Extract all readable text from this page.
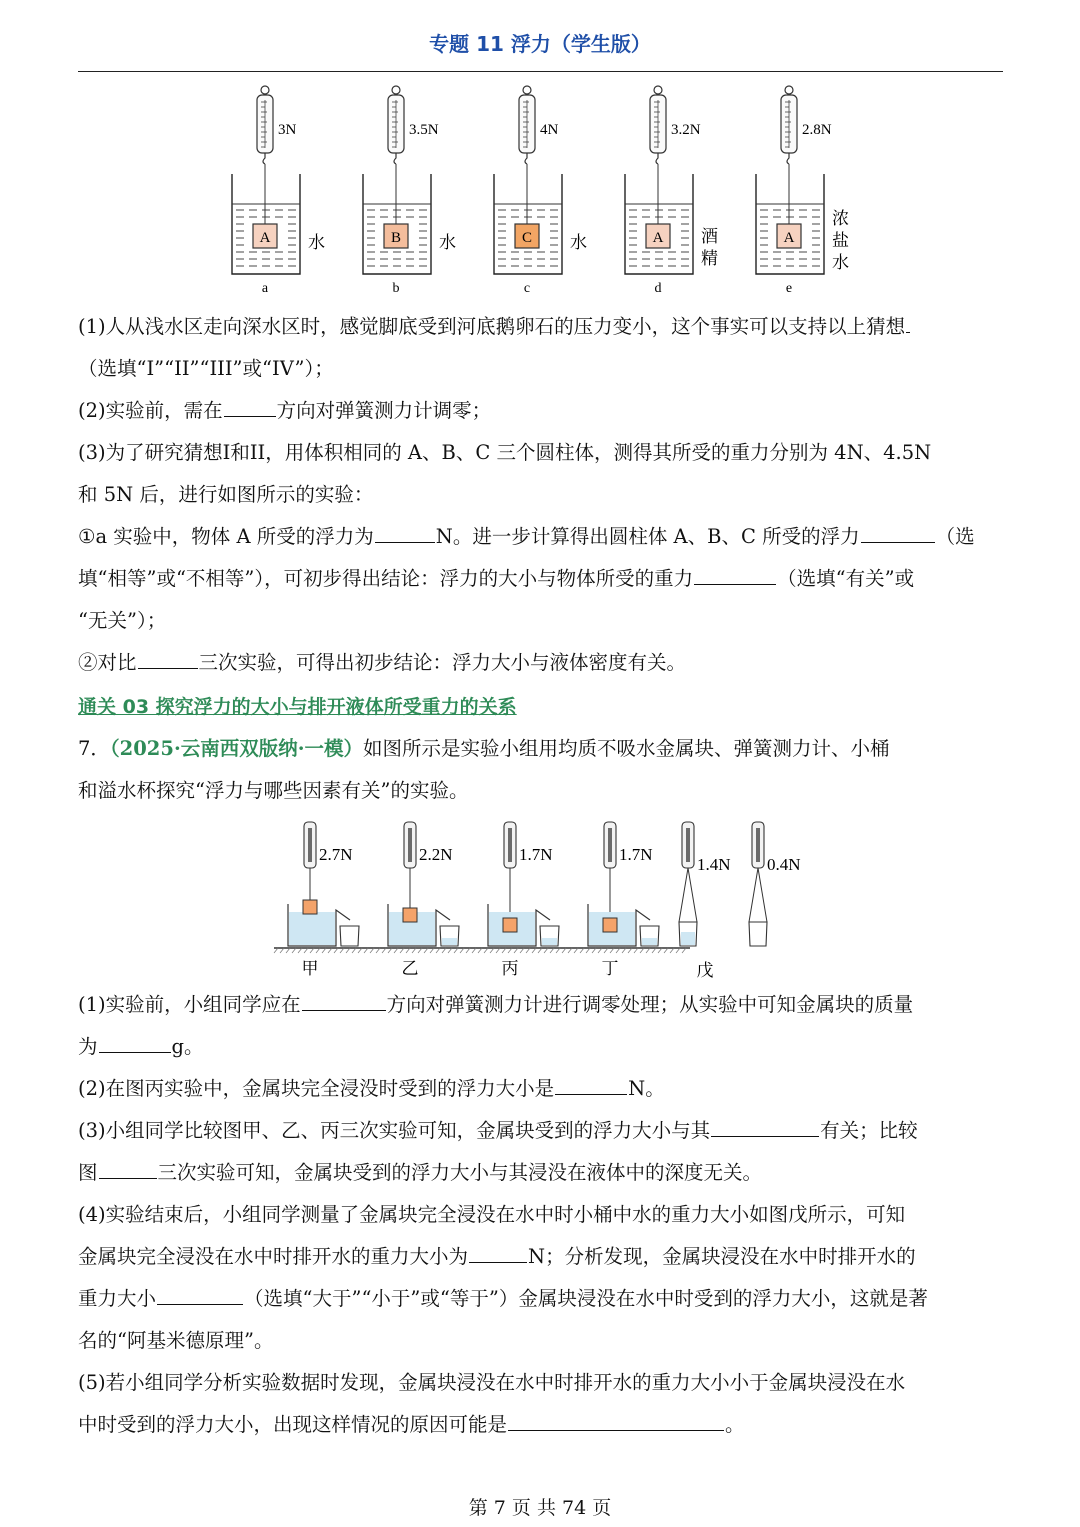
专题 11 浮力（学生版）
3N
A 水
a
3.5N
B 水
b
4N
C 水
c
3.2N
A 酒精
d
2.8N
A
浓盐水
e
(1)人从浅水区走向深水区时，感觉脚底受到河底鹅卵石的压力变小，这个事实可以支持以上猜想
（选填“I”“II”“III”或“IV”）；
(2)实验前，需在	方向对弹簧测力计调零；
(3)为了研究猜想I和II，用体积相同的 A、B、C 三个圆柱体，测得其所受的重力分别为 4N、4.5N
和 5N 后，进行如图所示的实验：
①a 实验中，物体 A 所受的浮力为	N。进一步计算得出圆柱体 A、B、C 所受的浮力	（选
填“相等”或“不相等”），可初步得出结论：浮力的大小与物体所受的重力	（选填“有关”或
“无关”）；
②对比	三次实验，可得出初步结论：浮力大小与液体密度有关。
通关 03 探究浮力的大小与排开液体所受重力的关系
7．（2025·云南西双版纳·一模）如图所示是实验小组用均质不吸水金属块、弹簧测力计、小桶
和溢水杯探究“浮力与哪些因素有关”的实验。
2.7N
甲
2.2N
乙
1.7N
丙
1.7N
丁
1.4N
戊
0.4N
(1)实验前，小组同学应在	方向对弹簧测力计进行调零处理；从实验中可知金属块的质量
为	g。
(2)在图丙实验中，金属块完全浸没时受到的浮力大小是	N。
(3)小组同学比较图甲、乙、丙三次实验可知，金属块受到的浮力大小与其	有关；比较
图	三次实验可知，金属块受到的浮力大小与其浸没在液体中的深度无关。
(4)实验结束后，小组同学测量了金属块完全浸没在水中时小桶中水的重力大小如图戊所示，可知
金属块完全浸没在水中时排开水的重力大小为	N；分析发现，金属块浸没在水中时排开水的
重力大小	（选填“大于”“小于”或“等于”）金属块浸没在水中时受到的浮力大小，这就是著
名的“阿基米德原理”。
(5)若小组同学分析实验数据时发现，金属块浸没在水中时排开水的重力大小小于金属块浸没在水
中时受到的浮力大小，出现这样情况的原因可能是	。
第 7 页 共 74 页
